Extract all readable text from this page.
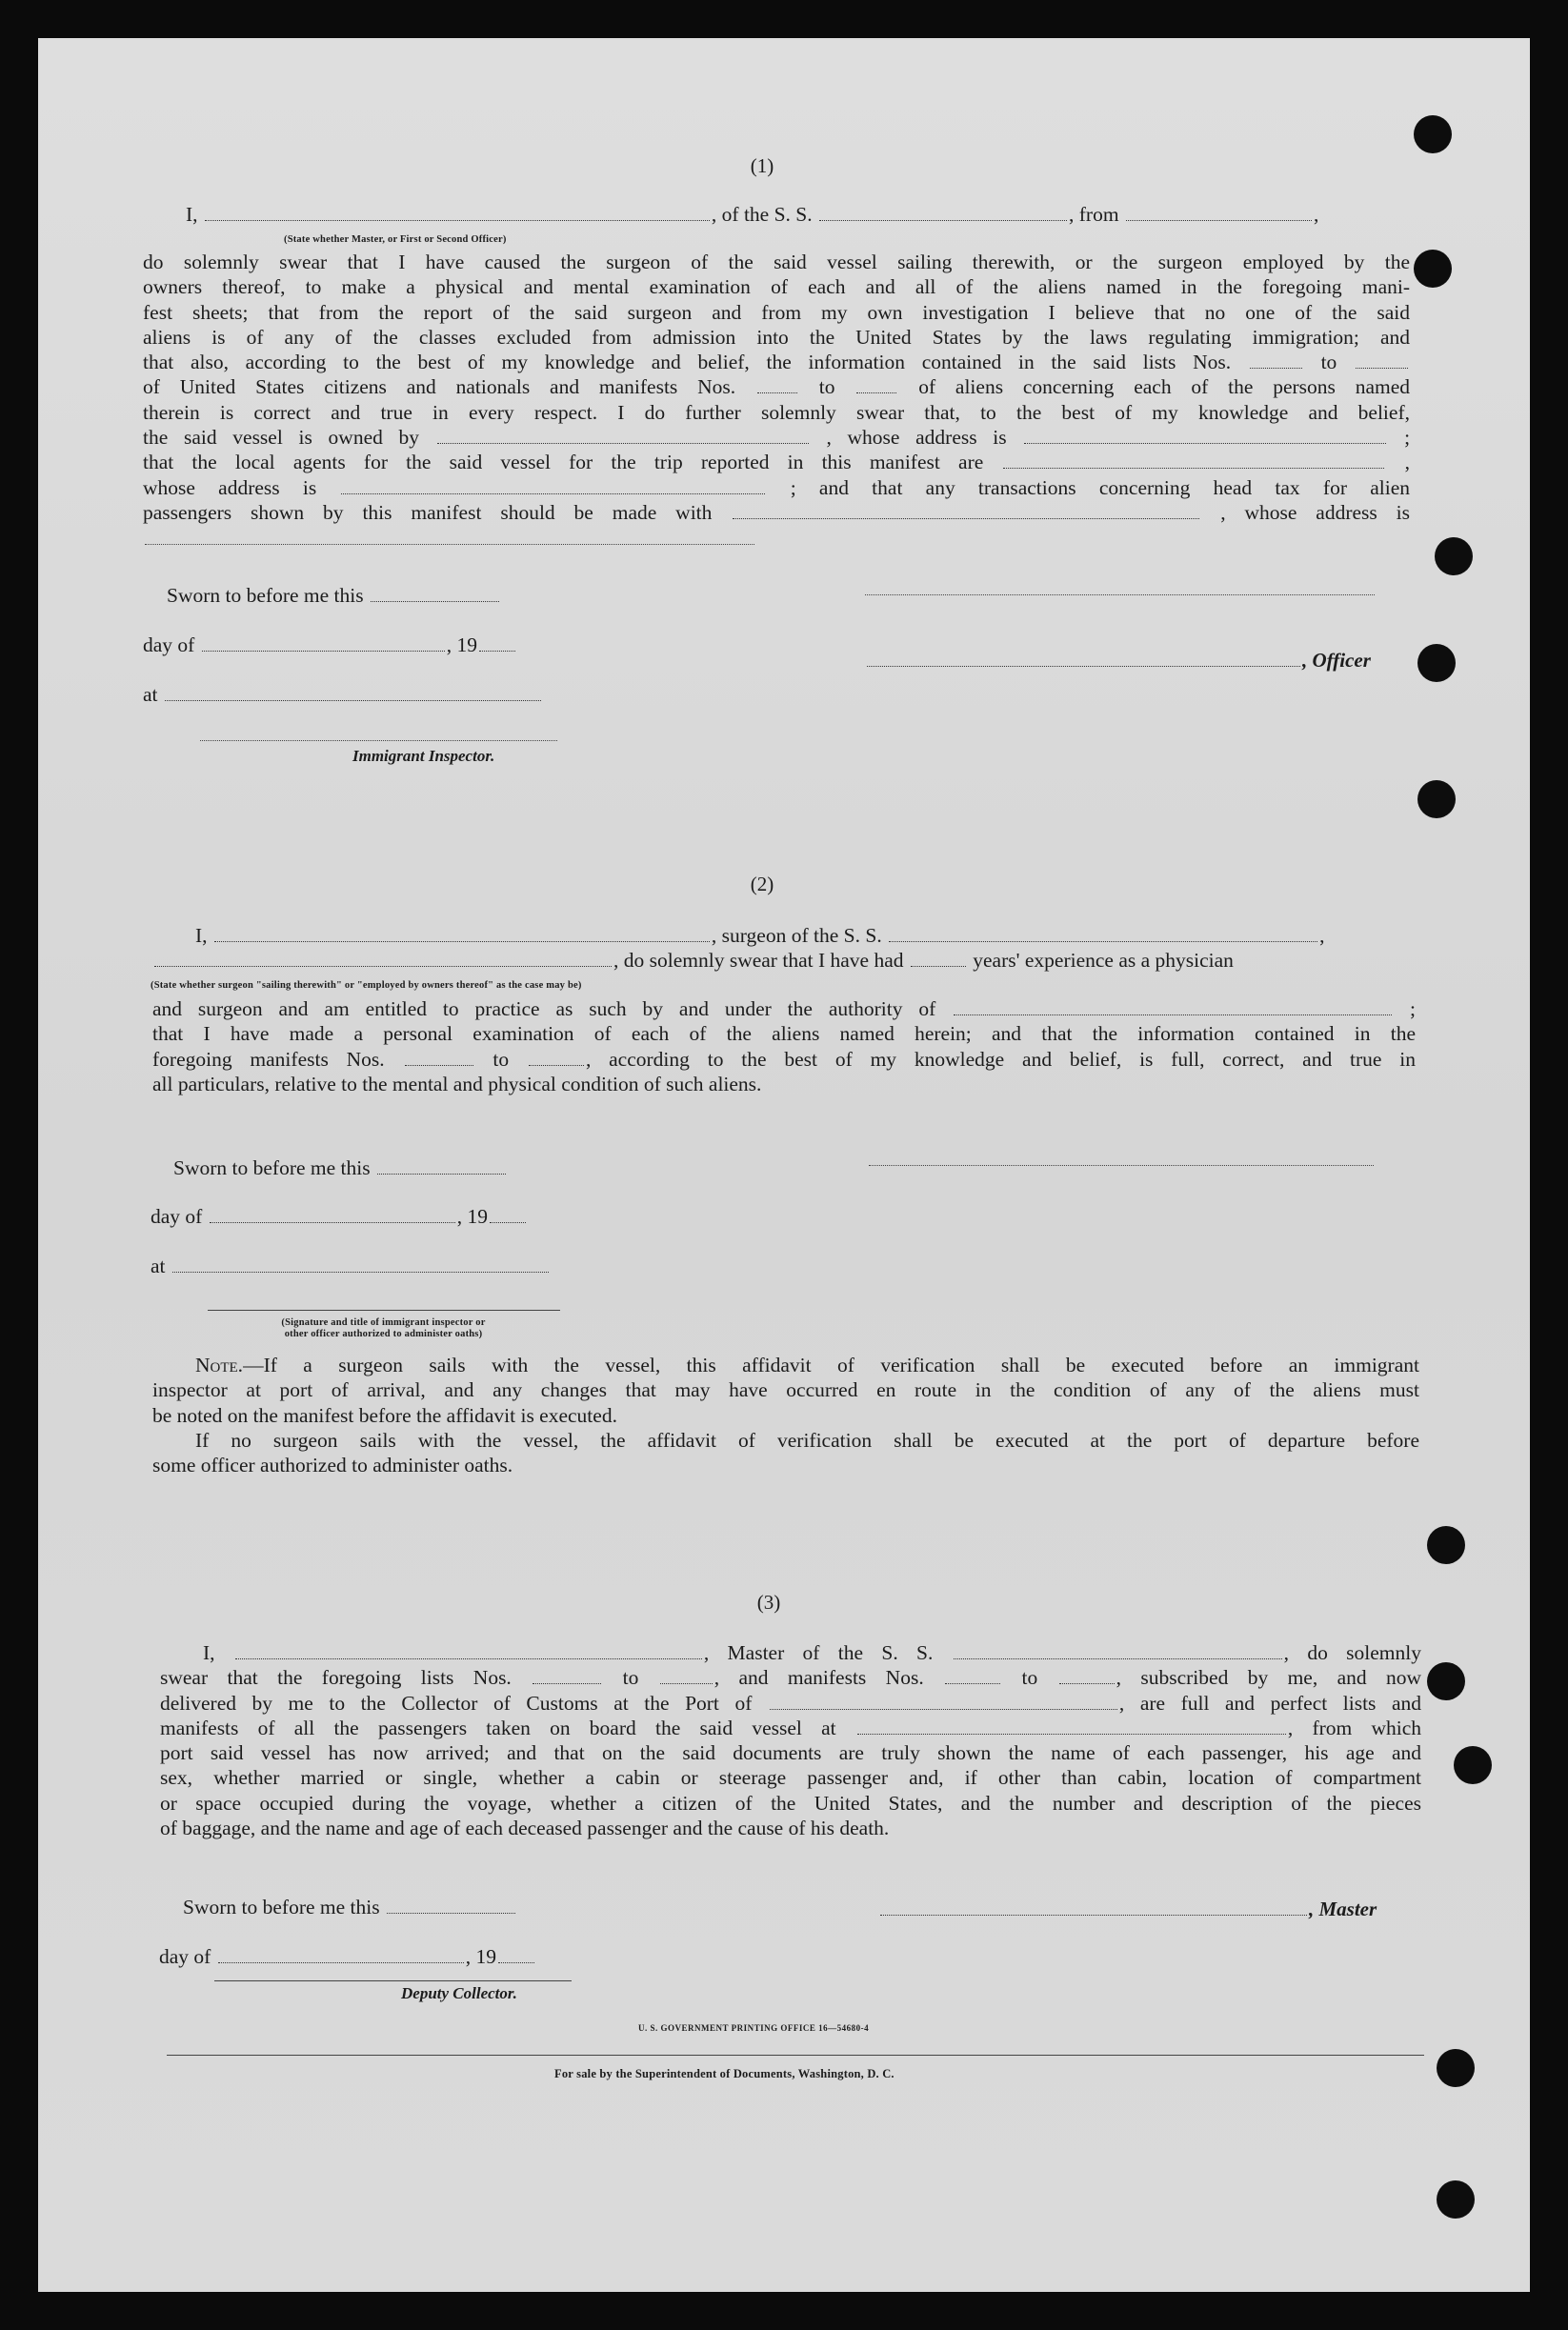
(1)
I,	, of the S. S.	, from	,
(State whether Master, or First or Second Officer)
do solemnly swear that I have caused the surgeon of the said vessel sailing therewith, or the surgeon employed by the
owners thereof, to make a physical and mental examination of each and all of the aliens named in the foregoing mani-
fest sheets; that from the report of the said surgeon and from my own investigation I believe that no one of the said
aliens is of any of the classes excluded from admission into the United States by the laws regulating immigration; and
that also, according to the best of my knowledge and belief, the information contained in the said lists Nos.	to
of United States citizens and nationals and manifests Nos.	to	of aliens concerning each of the persons named
therein is correct and true in every respect. I do further solemnly swear that, to the best of my knowledge and belief,
the said vessel is owned by	, whose address is	;
that the local agents for the said vessel for the trip reported in this manifest are	,
whose address is	; and that any transactions concerning head tax for alien
passengers shown by this manifest should be made with	, whose address is
Sworn to before me this
day of	, 19
at
, Officer
Immigrant Inspector.
(2)
I,	, surgeon of the S. S.	,
, do solemnly swear that I have had	years' experience as a physician
(State whether surgeon "sailing therewith" or "employed by owners thereof" as the case may be)
and surgeon and am entitled to practice as such by and under the authority of	;
that I have made a personal examination of each of the aliens named herein; and that the information contained in the
foregoing manifests Nos.	to	, according to the best of my knowledge and belief, is full, correct, and true in
all particulars, relative to the mental and physical condition of such aliens.
Sworn to before me this
day of	, 19
at
(Signature and title of immigrant inspector or
other officer authorized to administer oaths)
Note.—If a surgeon sails with the vessel, this affidavit of verification shall be executed before an immigrant
inspector at port of arrival, and any changes that may have occurred en route in the condition of any of the aliens must
be noted on the manifest before the affidavit is executed.
If no surgeon sails with the vessel, the affidavit of verification shall be executed at the port of departure before
some officer authorized to administer oaths.
(3)
I,	, Master of the S. S.	, do solemnly
swear that the foregoing lists Nos.	to	, and manifests Nos.	to	, subscribed by me, and now
delivered by me to the Collector of Customs at the Port of	, are full and perfect lists and
manifests of all the passengers taken on board the said vessel at	, from which
port said vessel has now arrived; and that on the said documents are truly shown the name of each passenger, his age and
sex, whether married or single, whether a cabin or steerage passenger and, if other than cabin, location of compartment
or space occupied during the voyage, whether a citizen of the United States, and the number and description of the pieces
of baggage, and the name and age of each deceased passenger and the cause of his death.
Sworn to before me this
day of	, 19
, Master
Deputy Collector.
U. S. GOVERNMENT PRINTING OFFICE 16—54680-4
For sale by the Superintendent of Documents, Washington, D. C.
